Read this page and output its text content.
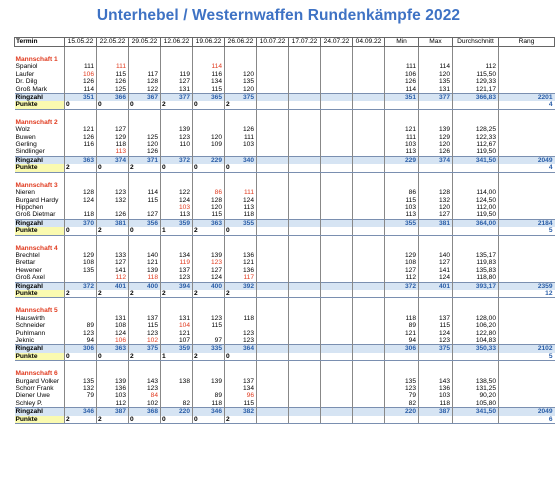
Unterhebel / Westernwaffen Rundenkämpfe 2022
Termin	15.05.22	22.05.22	29.05.22	12.06.22	19.06.22	26.06.22	10.07.22	17.07.22	24.07.22	04.09.22	Min	Max	Durchschnitt	Rang

Mannschaft 1														
Spaniol	111	111			114						111	114	112	
Laufer	106	115	117	119	116	120					106	120	115,50	
Dr. Dilg	126	126	128	127	134	135					126	135	129,33	
Groß Mark	114	125	122	131	115	120					114	131	121,17	
Ringzahl	351	366	367	377	365	375					351	377	366,83	2201
Punkte	0	0	0	2	0	2								4

Mannschaft 2														
Wolz	121	127		139		126					121	139	128,25	
Buwen	126	129	125	123	120	111					111	129	122,33	
Gerling	116	118	120	110	109	103					103	120	112,67	
Sindlinger		113	126								113	126	119,50	
Ringzahl	363	374	371	372	229	340					229	374	341,50	2049
Punkte	2	0	2	0	0	0								4

Mannschaft 3														
Nieren	128	123	114	122	86	111					86	128	114,00	
Burgard Hardy	124	132	115	124	128	124					115	132	124,50	
Hippchen				103	120	113					103	120	112,00	
Groß Dietmar	118	126	127	113	115	118					113	127	119,50	
Ringzahl	370	381	356	359	363	355					355	381	364,00	2184
Punkte	0	2	0	1	2	0								5

Mannschaft 4														
Brechtel	129	133	140	134	139	136					129	140	135,17	
Brettar	108	127	121	119	123	121					108	127	119,83	
Hewener	135	141	139	137	127	136					127	141	135,83	
Groß Axel		112	118	123	124	117					112	124	118,80	
Ringzahl	372	401	400	394	400	392					372	401	393,17	2359
Punkte	2	2	2	2	2	2								12

Mannschaft 5														
Hauswirth		131	137	131	123	118					118	137	128,00	
Schneider	89	108	115	104	115						89	115	106,20	
Puhlmann	123	124	123	121		123					121	124	122,80	
Jeknic	94	106	102	107	97	123					94	123	104,83	
Ringzahl	306	363	375	359	335	364					306	375	350,33	2102
Punkte	0	0	2	1	2	0								5

Mannschaft 6														
Burgard Volker	135	139	143	138	139	137					135	143	138,50	
Schorr Frank	132	136	123			134					123	136	131,25	
Diener Uwe	79	103	84		89	96					79	103	90,20	
Schley P.		112	102	82	118	115					82	118	105,80	
Ringzahl	346	387	368	220	346	382					220	387	341,50	2049
Punkte	2	2	0	0	0	2								6
